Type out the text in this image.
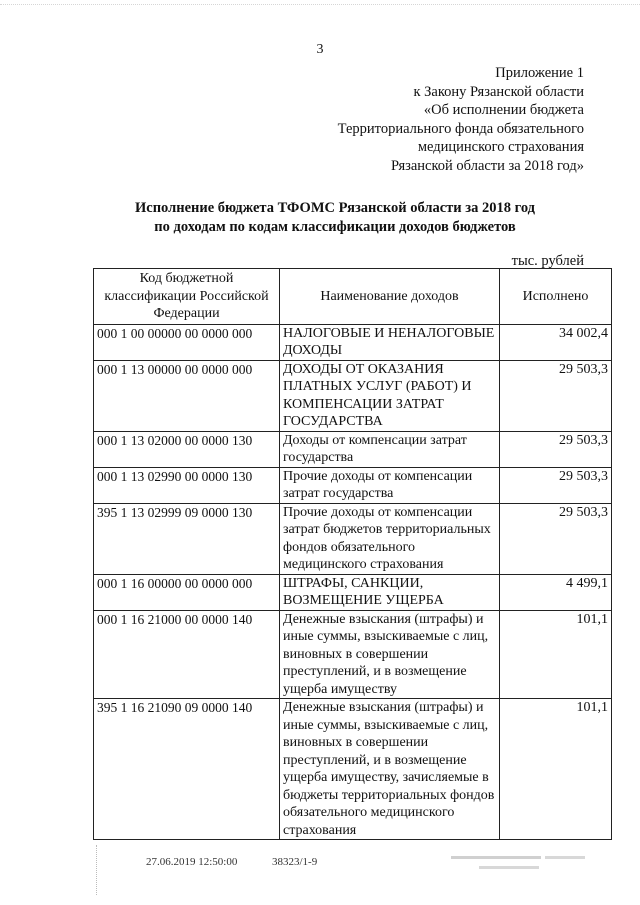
3
Приложение 1
к Закону Рязанской области
«Об исполнении бюджета
Территориального фонда обязательного
медицинского страхования
Рязанской области за 2018 год»
Исполнение бюджета ТФОМС Рязанской области за 2018 год
по доходам по кодам классификации доходов бюджетов
тыс. рублей
Код бюджетной классификации Российской Федерации	Наименование доходов	Исполнено
000 1 00 00000 00 0000 000	НАЛОГОВЫЕ И НЕНАЛОГОВЫЕ ДОХОДЫ	34 002,4
000 1 13 00000 00 0000 000	ДОХОДЫ ОТ ОКАЗАНИЯ ПЛАТНЫХ УСЛУГ (РАБОТ) И КОМПЕНСАЦИИ ЗАТРАТ ГОСУДАРСТВА	29 503,3
000 1 13 02000 00 0000 130	Доходы от компенсации затрат государства	29 503,3
000 1 13 02990 00 0000 130	Прочие доходы от компенсации затрат государства	29 503,3
395 1 13 02999 09 0000 130	Прочие доходы от компенсации затрат бюджетов территориальных фондов обязательного медицинского страхования	29 503,3
000 1 16 00000 00 0000 000	ШТРАФЫ, САНКЦИИ, ВОЗМЕЩЕНИЕ УЩЕРБА	4 499,1
000 1 16 21000 00 0000 140	Денежные взыскания (штрафы) и иные суммы, взыскиваемые с лиц, виновных в совершении преступлений, и в возмещение ущерба имуществу	101,1
395 1 16 21090 09 0000 140	Денежные взыскания (штрафы) и иные суммы, взыскиваемые с лиц, виновных в совершении преступлений, и в возмещение ущерба имуществу, зачисляемые в бюджеты территориальных фондов обязательного медицинского страхования	101,1
27.06.2019 12:50:00	38323/1-9
